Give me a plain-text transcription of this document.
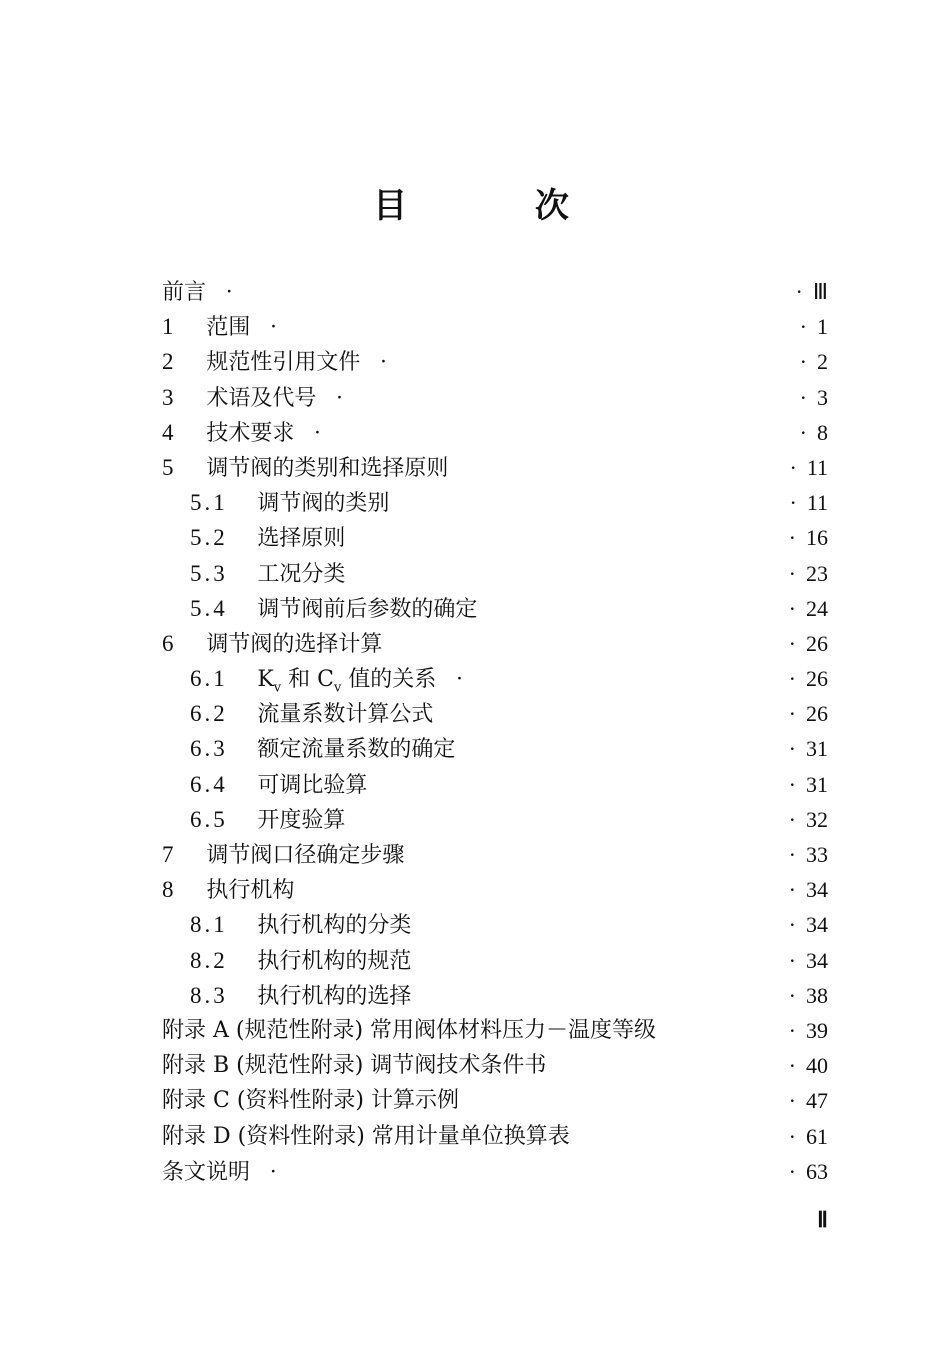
目 次
前言 ·	· Ⅲ
1 范围 ·	· 1
2 规范性引用文件 ·	· 2
3 术语及代号 ·	· 3
4 技术要求 ·	· 8
5 调节阀的类别和选择原则	· 11
5.1 调节阀的类别	· 11
5.2 选择原则	· 16
5.3 工况分类	· 23
5.4 调节阀前后参数的确定	· 24
6 调节阀的选择计算	· 26
6.1 $K_v$ 和 $C_v$ 值的关系 ·	· 26
6.2 流量系数计算公式	· 26
6.3 额定流量系数的确定	· 31
6.4 可调比验算	· 31
6.5 开度验算	· 32
7 调节阀口径确定步骤	· 33
8 执行机构	· 34
8.1 执行机构的分类	· 34
8.2 执行机构的规范	· 34
8.3 执行机构的选择	· 38
附录 A (规范性附录) 常用阀体材料压力－温度等级	· 39
附录 B (规范性附录) 调节阀技术条件书	· 40
附录 C (资料性附录) 计算示例	· 47
附录 D (资料性附录) 常用计量单位换算表	· 61
条文说明 ·	· 63
Ⅱ
